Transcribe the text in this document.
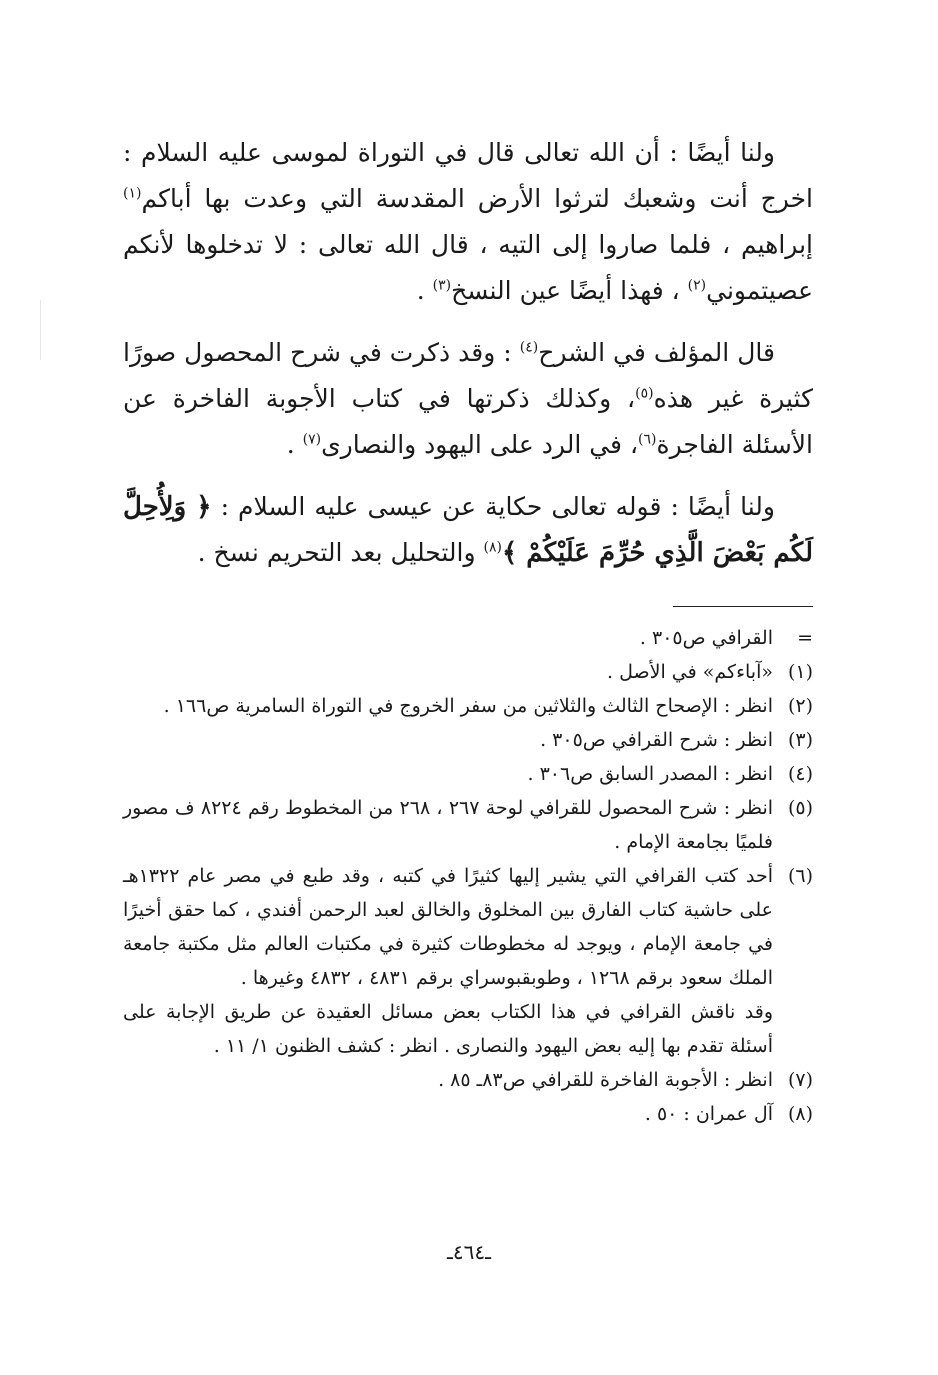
ولنا أيضًا : أن الله تعالى قال في التوراة لموسى عليه السلام : اخرج أنت وشعبك لترثوا الأرض المقدسة التي وعدت بها أباكم$^{(١)}$ إبراهيم ، فلما صاروا إلى التيه ، قال الله تعالى : لا تدخلوها لأنكم عصيتموني$^{(٢)}$ ، فهذا أيضًا عين النسخ$^{(٣)}$ .

قال المؤلف في الشرح$^{(٤)}$ : وقد ذكرت في شرح المحصول صورًا كثيرة غير هذه$^{(٥)}$، وكذلك ذكرتها في كتاب الأجوبة الفاخرة عن الأسئلة الفاجرة$^{(٦)}$، في الرد على اليهود والنصارى$^{(٧)}$ .

ولنا أيضًا : قوله تعالى حكاية عن عيسى عليه السلام : ﴿ وَلِأُحِلَّ لَكُم بَعْضَ الَّذِي حُرِّمَ عَلَيْكُمْ ﴾$^{(٨)}$ والتحليل بعد التحريم نسخ .

=
القرافي ص٣٠٥ .
(١)
«آباءكم» في الأصل .
(٢)
انظر : الإصحاح الثالث والثلاثين من سفر الخروج في التوراة السامرية ص١٦٦ .
(٣)
انظر : شرح القرافي ص٣٠٥ .
(٤)
انظر : المصدر السابق ص٣٠٦ .
(٥)
انظر : شرح المحصول للقرافي لوحة ٢٦٧ ، ٢٦٨ من المخطوط رقم ٨٢٢٤ ف مصور فلميًا بجامعة الإمام .
(٦)
أحد كتب القرافي التي يشير إليها كثيرًا في كتبه ، وقد طبع في مصر عام ١٣٢٢هـ على حاشية كتاب الفارق بين المخلوق والخالق لعبد الرحمن أفندي ، كما حقق أخيرًا في جامعة الإمام ، ويوجد له مخطوطات كثيرة في مكتبات العالم مثل مكتبة جامعة الملك سعود برقم ١٢٦٨ ، وطوبقبوسراي برقم ٤٨٣١ ، ٤٨٣٢ وغيرها .
وقد ناقش القرافي في هذا الكتاب بعض مسائل العقيدة عن طريق الإجابة على أسئلة تقدم بها إليه بعض اليهود والنصارى . انظر : كشف الظنون ١/ ١١ .
(٧)
انظر : الأجوبة الفاخرة للقرافي ص٨٣ـ ٨٥ .
(٨)
آل عمران : ٥٠ .
ـ٤٦٤ـ
